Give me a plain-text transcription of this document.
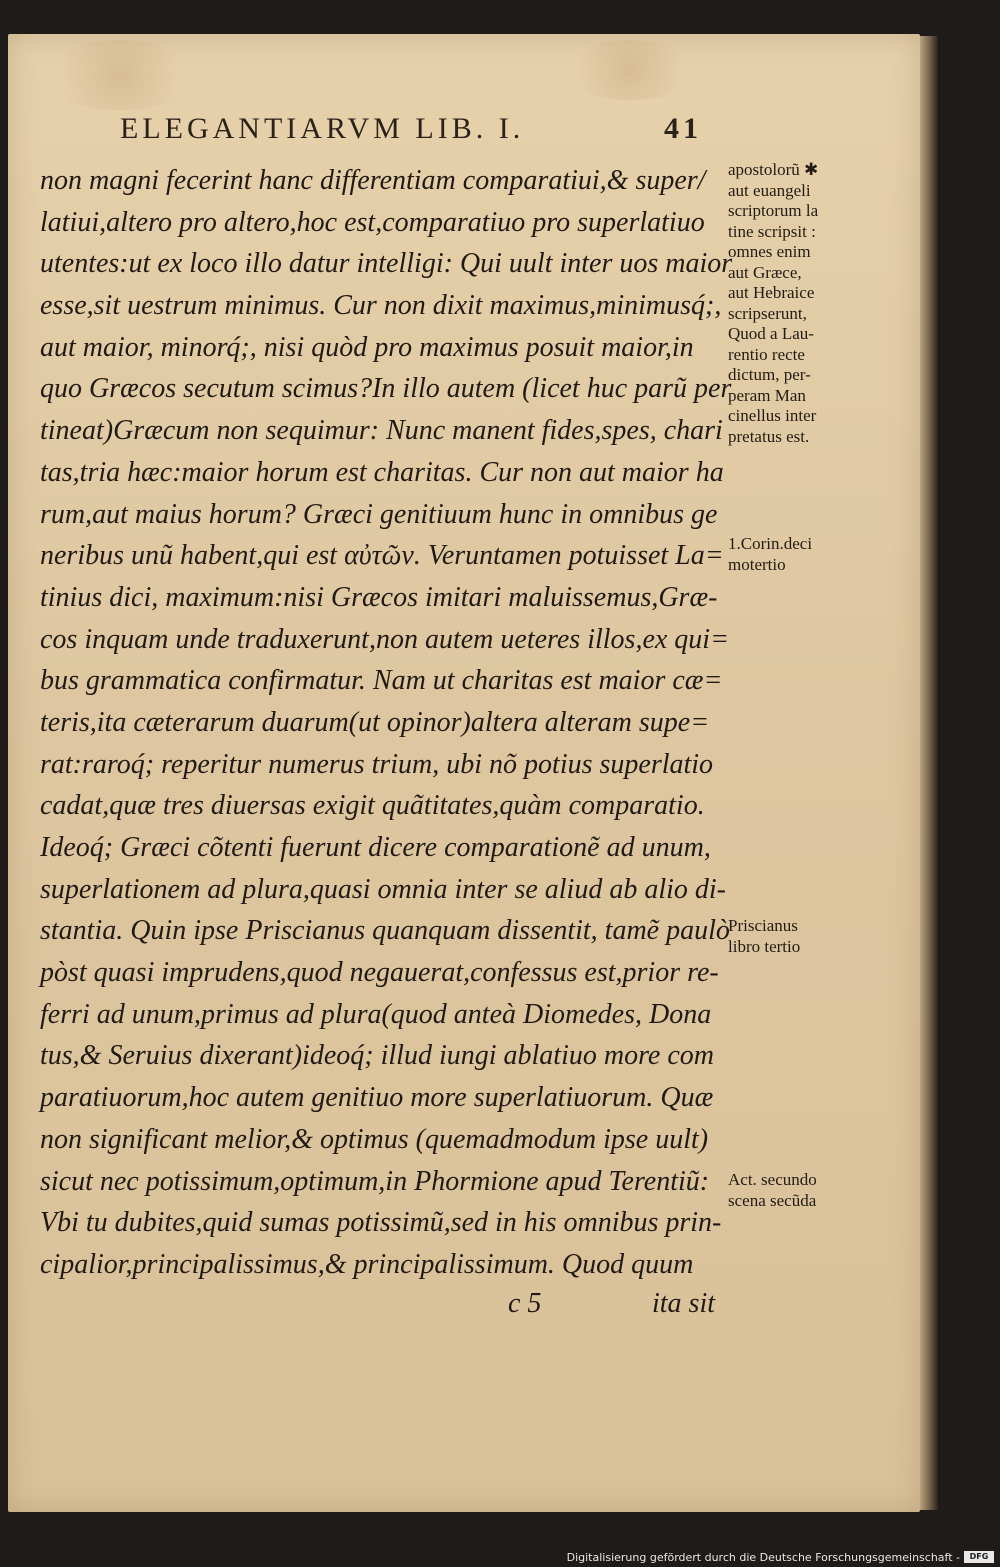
ELEGANTIARVM LIB. I.	41
non magni fecerint hanc differentiam comparatiui,& super/
latiui,altero pro altero,hoc est,comparatiuo pro superlatiuo
utentes:ut ex loco illo datur intelligi: Qui uult inter uos maior
esse,sit uestrum minimus. Cur non dixit maximus,minimusq́;,
aut maior, minorq́;, nisi quòd pro maximus posuit maior,in
quo Græcos secutum scimus?In illo autem (licet huc parũ per
tineat)Græcum non sequimur: Nunc manent fides,spes, chari
tas,tria hæc:maior horum est charitas. Cur non aut maior ha
rum,aut maius horum? Græci genitiuum hunc in omnibus ge
neribus unũ habent,qui est αὐτῶν. Veruntamen potuisset La=
tinius dici, maximum:nisi Græcos imitari maluissemus,Græ-
cos inquam unde traduxerunt,non autem ueteres illos,ex qui=
bus grammatica confirmatur. Nam ut charitas est maior cæ=
teris,ita cæterarum duarum(ut opinor)altera alteram supe=
rat:raroq́; reperitur numerus trium, ubi nõ potius superlatio
cadat,quæ tres diuersas exigit quãtitates,quàm comparatio.
Ideoq́; Græci cõtenti fuerunt dicere comparationẽ ad unum,
superlationem ad plura,quasi omnia inter se aliud ab alio di-
stantia. Quin ipse Priscianus quanquam dissentit, tamẽ paulò
pòst quasi imprudens,quod negauerat,confessus est,prior re-
ferri ad unum,primus ad plura(quod anteà Diomedes, Dona
tus,& Seruius dixerant)ideoq́; illud iungi ablatiuo more com
paratiuorum,hoc autem genitiuo more superlatiuorum. Quæ
non significant melior,& optimus (quemadmodum ipse uult)
sicut nec potissimum,optimum,in Phormione apud Terentiũ:
Vbi tu dubites,quid sumas potissimũ,sed in his omnibus prin-
cipalior,principalissimus,& principalissimum. Quod quum
apostolorũ ✱
aut euangeli
scriptorum la
tine scripsit :
omnes enim
aut Græce,
aut Hebraice
scripserunt,
Quod a Lau-
rentio recte
dictum, per-
peram Man
cinellus inter
pretatus est.
1.Corin.deci
motertio
Priscianus
libro tertio
Act. secundo
scena secũda
c 5	ita sit
Digitalisierung gefördert durch die Deutsche Forschungsgemeinschaft -	DFG
